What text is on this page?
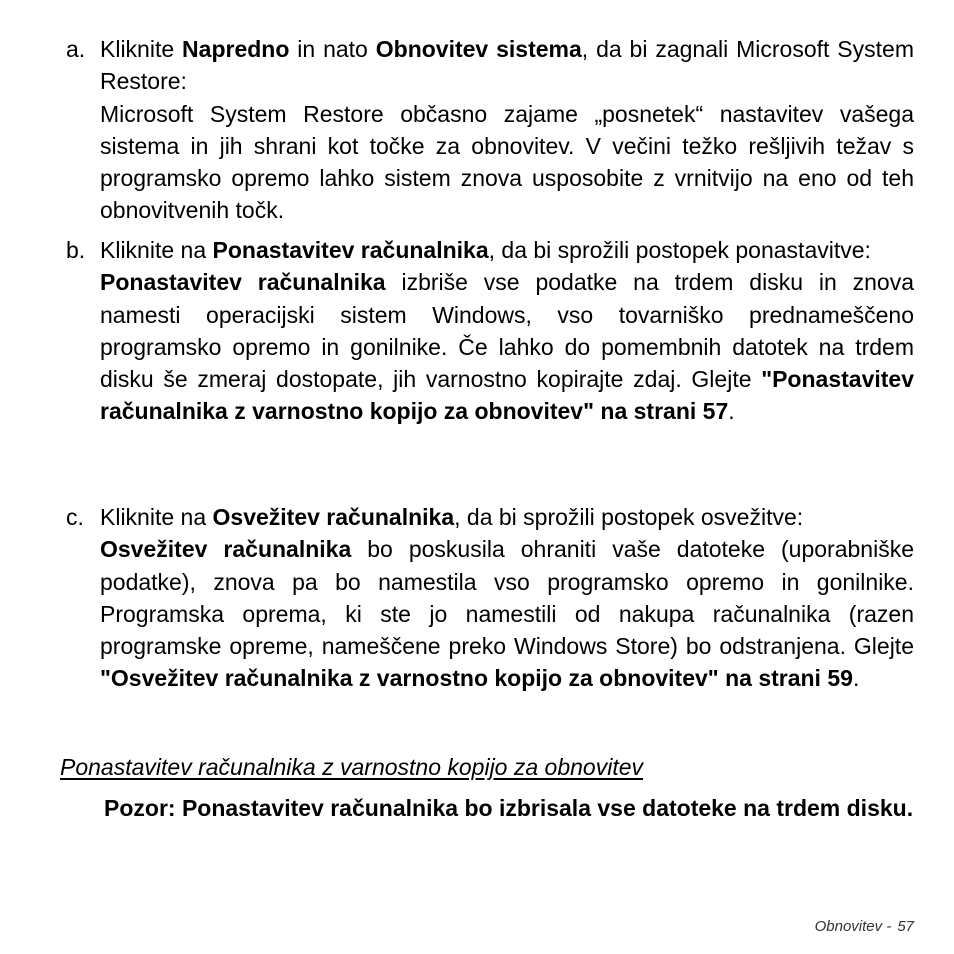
a. Kliknite Napredno in nato Obnovitev sistema, da bi zagnali Microsoft System Restore:

Microsoft System Restore občasno zajame „posnetek“ nastavitev vašega sistema in jih shrani kot točke za obnovitev. V večini težko rešljivih težav s programsko opremo lahko sistem znova usposobite z vrnitvijo na eno od teh obnovitvenih točk.

b. Kliknite na Ponastavitev računalnika, da bi sprožili postopek ponastavitve:

Ponastavitev računalnika izbriše vse podatke na trdem disku in znova namesti operacijski sistem Windows, vso tovarniško prednameščeno programsko opremo in gonilnike. Če lahko do pomembnih datotek na trdem disku še zmeraj dostopate, jih varnostno kopirajte zdaj. Glejte "Ponastavitev računalnika z varnostno kopijo za obnovitev" na strani 57.

c. Kliknite na Osvežitev računalnika, da bi sprožili postopek osvežitve:

Osvežitev računalnika bo poskusila ohraniti vaše datoteke (uporabniške podatke), znova pa bo namestila vso programsko opremo in gonilnike. Programska oprema, ki ste jo namestili od nakupa računalnika (razen programske opreme, nameščene preko Windows Store) bo odstranjena. Glejte "Osvežitev računalnika z varnostno kopijo za obnovitev" na strani 59.

Ponastavitev računalnika z varnostno kopijo za obnovitev

Pozor: Ponastavitev računalnika bo izbrisala vse datoteke na trdem disku.

Obnovitev - 57
